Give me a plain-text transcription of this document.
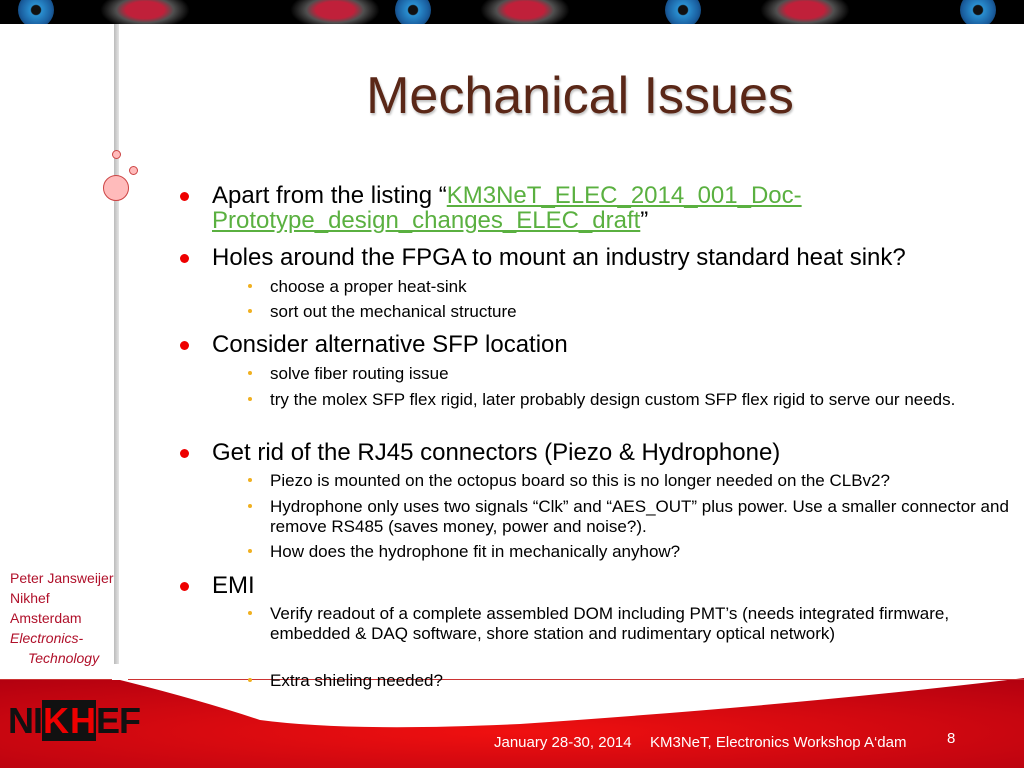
Mechanical Issues
Apart from the listing “KM3NeT_ELEC_2014_001_Doc-
Prototype_design_changes_ELEC_draft”
Holes around the FPGA to mount an industry standard heat sink?
choose a proper heat-sink
sort out the mechanical structure
Consider alternative SFP location
solve fiber routing issue
try the molex SFP flex rigid, later probably design custom SFP flex rigid to serve our needs.
Get rid of the RJ45 connectors (Piezo & Hydrophone)
Piezo is mounted on the octopus board so this is no longer needed on the CLBv2?
Hydrophone only uses two signals “Clk” and “AES_OUT” plus power. Use a smaller connector and remove RS485 (saves money, power and noise?).
How does the hydrophone fit in mechanically anyhow?
EMI
Verify readout of a complete assembled DOM including PMT’s (needs integrated firmware, embedded & DAQ software, shore station and rudimentary optical network)
Peter Jansweijer
Nikhef
Amsterdam
Electronics-
Technology
Extra shieling needed?
NIKHEF
January 28-30, 2014 KM3NeT, Electronics Workshop A‘dam	8
